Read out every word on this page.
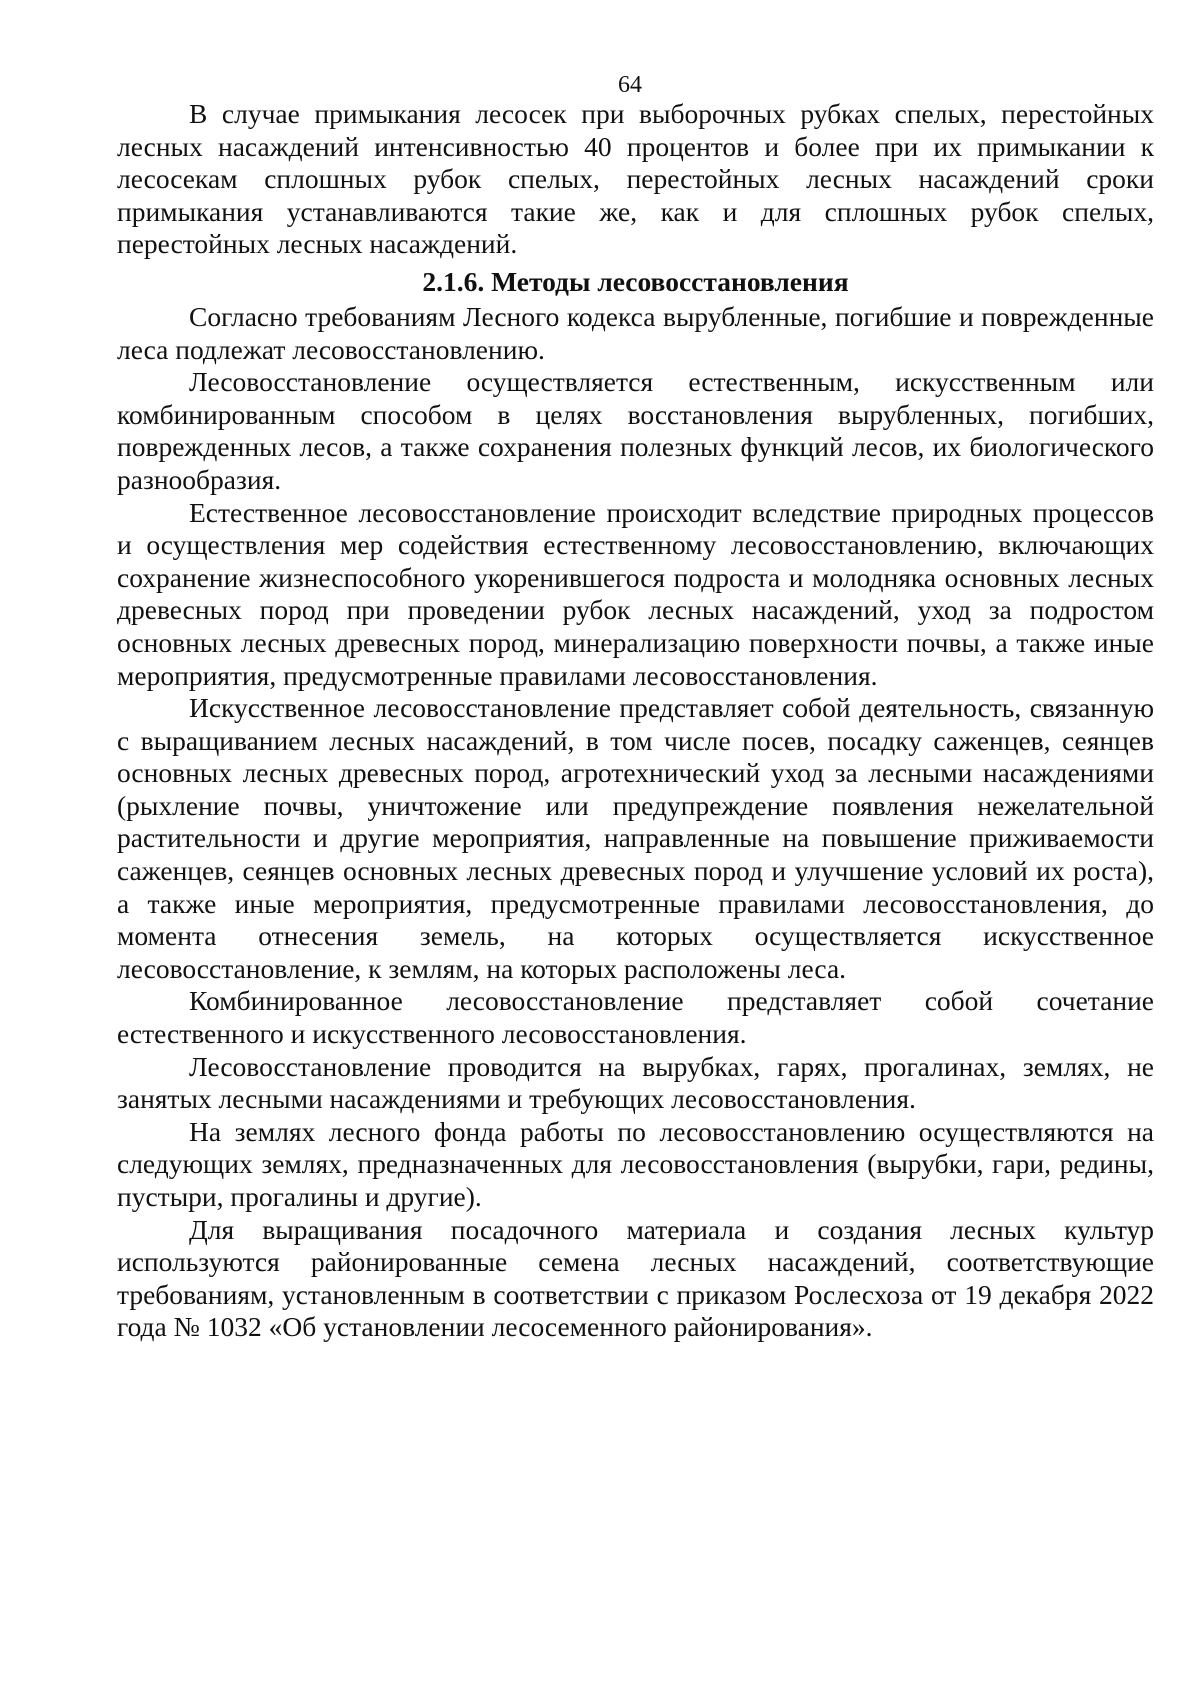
64

В случае примыкания лесосек при выборочных рубках спелых, перестойных лесных насаждений интенсивностью 40 процентов и более при их примыкании к лесосекам сплошных рубок спелых, перестойных лесных насаждений сроки примыкания устанавливаются такие же, как и для сплошных рубок спелых, перестойных лесных насаждений.

2.1.6. Методы лесовосстановления

Согласно требованиям Лесного кодекса вырубленные, погибшие и поврежденные леса подлежат лесовосстановлению.

Лесовосстановление осуществляется естественным, искусственным или комбинированным способом в целях восстановления вырубленных, погибших, поврежденных лесов, а также сохранения полезных функций лесов, их биологического разнообразия.

Естественное лесовосстановление происходит вследствие природных процессов и осуществления мер содействия естественному лесовосстановлению, включающих сохранение жизнеспособного укоренившегося подроста и молодняка основных лесных древесных пород при проведении рубок лесных насаждений, уход за подростом основных лесных древесных пород, минерализацию поверхности почвы, а также иные мероприятия, предусмотренные правилами лесовосстановления.

Искусственное лесовосстановление представляет собой деятельность, связанную с выращиванием лесных насаждений, в том числе посев, посадку саженцев, сеянцев основных лесных древесных пород, агротехнический уход за лесными насаждениями (рыхление почвы, уничтожение или предупреждение появления нежелательной растительности и другие мероприятия, направленные на повышение приживаемости саженцев, сеянцев основных лесных древесных пород и улучшение условий их роста), а также иные мероприятия, предусмотренные правилами лесовосстановления, до момента отнесения земель, на которых осуществляется искусственное лесовосстановление, к землям, на которых расположены леса.

Комбинированное лесовосстановление представляет собой сочетание естественного и искусственного лесовосстановления.

Лесовосстановление проводится на вырубках, гарях, прогалинах, землях, не занятых лесными насаждениями и требующих лесовосстановления.

На землях лесного фонда работы по лесовосстановлению осуществляются на следующих землях, предназначенных для лесовосстановления (вырубки, гари, редины, пустыри, прогалины и другие).

Для выращивания посадочного материала и создания лесных культур используются районированные семена лесных насаждений, соответствующие требованиям, установленным в соответствии с приказом Рослесхоза от 19 декабря 2022 года № 1032 «Об установлении лесосеменного районирования».
